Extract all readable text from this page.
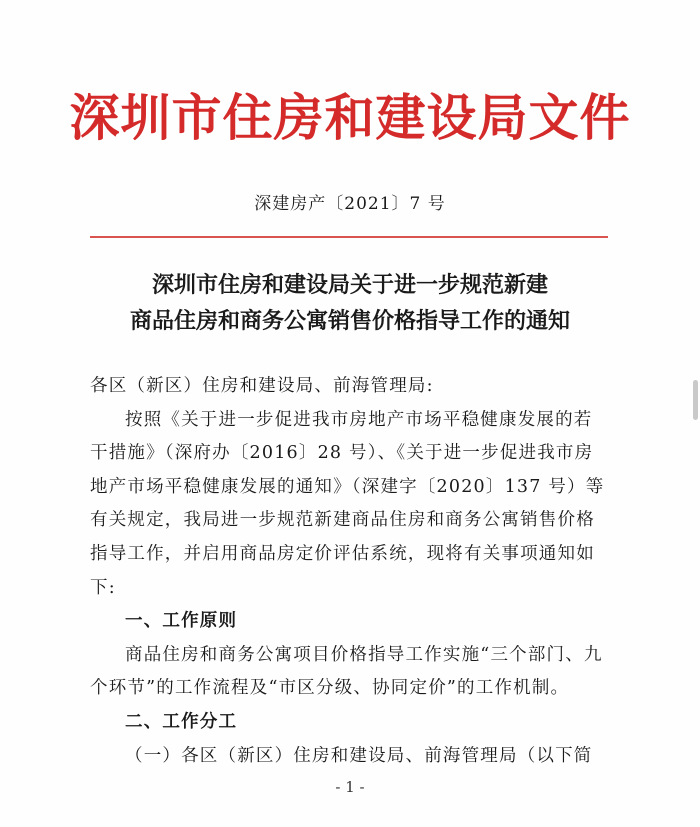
深圳市住房和建设局文件
深建房产〔2021〕7 号
深圳市住房和建设局关于进一步规范新建
商品住房和商务公寓销售价格指导工作的通知

各区（新区）住房和建设局、前海管理局:

按照《关于进一步促进我市房地产市场平稳健康发展的若干措施》（深府办〔2016〕28 号）、《关于进一步促进我市房地产市场平稳健康发展的通知》（深建字〔2020〕137 号）等有关规定，我局进一步规范新建商品住房和商务公寓销售价格指导工作，并启用商品房定价评估系统，现将有关事项通知如下:

一、工作原则

商品住房和商务公寓项目价格指导工作实施“三个部门、九个环节”的工作流程及“市区分级、协同定价”的工作机制。

二、工作分工

（一）各区（新区）住房和建设局、前海管理局（以下简

- 1 -
